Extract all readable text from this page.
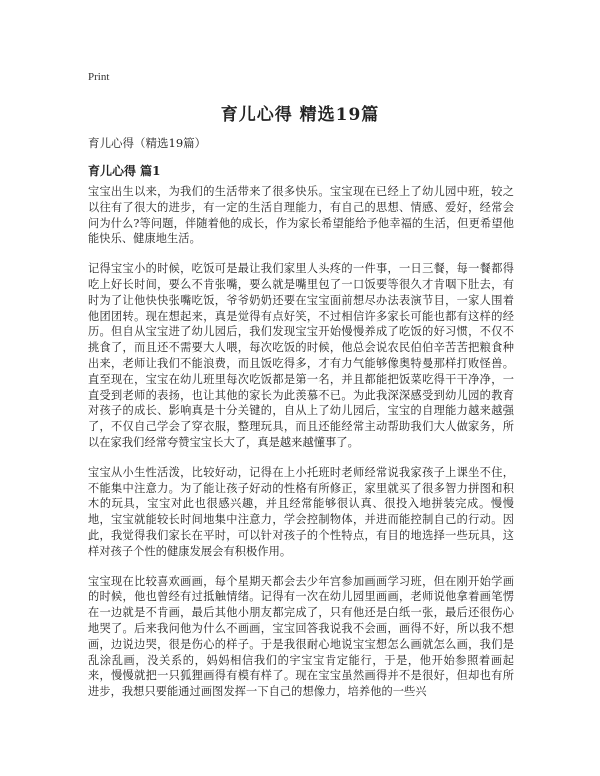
Print
育儿心得 精选19篇
育儿心得（精选19篇）
育儿心得 篇1

宝宝出生以来，为我们的生活带来了很多快乐。宝宝现在已经上了幼儿园中班，较之以往有了很大的进步，有一定的生活自理能力，有自己的思想、情感、爱好，经常会问为什么?等问题，伴随着他的成长，作为家长希望能给予他幸福的生活，但更希望他能快乐、健康地生活。

记得宝宝小的时候，吃饭可是最让我们家里人头疼的一件事，一日三餐，每一餐都得吃上好长时间，要么不肯张嘴，要么就是嘴里包了一口饭要等很久才肯咽下肚去，有时为了让他快快张嘴吃饭，爷爷奶奶还要在宝宝面前想尽办法表演节目，一家人围着他团团转。现在想起来，真是觉得有点好笑，不过相信许多家长可能也都有这样的经历。但自从宝宝进了幼儿园后，我们发现宝宝开始慢慢养成了吃饭的好习惯，不仅不挑食了，而且还不需要大人喂，每次吃饭的时候，他总会说农民伯伯辛苦苦把粮食种出来，老师让我们不能浪费，而且饭吃得多，才有力气能够像奥特曼那样打败怪兽。直至现在，宝宝在幼儿班里每次吃饭都是第一名，并且都能把饭菜吃得干干净净，一直受到老师的表扬，也让其他的家长为此羡慕不已。为此我深深感受到幼儿园的教育对孩子的成长、影响真是十分关键的，自从上了幼儿园后，宝宝的自理能力越来越强了，不仅自己学会了穿衣服，整理玩具，而且还能经常主动帮助我们大人做家务，所以在家我们经常夸赞宝宝长大了，真是越来越懂事了。

宝宝从小生性活泼，比较好动，记得在上小托班时老师经常说我家孩子上课坐不住，不能集中注意力。为了能让孩子好动的性格有所修正，家里就买了很多智力拼图和积木的玩具，宝宝对此也很感兴趣，并且经常能够很认真、很投入地拼装完成。慢慢地，宝宝就能较长时间地集中注意力，学会控制物体，并进而能控制自己的行动。因此，我觉得我们家长在平时，可以针对孩子的个性特点，有目的地选择一些玩具，这样对孩子个性的健康发展会有积极作用。

宝宝现在比较喜欢画画，每个星期天都会去少年宫参加画画学习班，但在刚开始学画的时候，他也曾经有过抵触情绪。记得有一次在幼儿园里画画，老师说他拿着画笔愣在一边就是不肯画，最后其他小朋友都完成了，只有他还是白纸一张，最后还很伤心地哭了。后来我问他为什么不画画，宝宝回答我说我不会画，画得不好，所以我不想画，边说边哭，很是伤心的样子。于是我很耐心地说宝宝想怎么画就怎么画，我们是乱涂乱画，没关系的，妈妈相信我们的宇宝宝肯定能行，于是，他开始参照着画起来，慢慢就把一只狐狸画得有模有样了。现在宝宝虽然画得并不是很好，但却也有所进步，我想只要能通过画图发挥一下自己的想像力，培养他的一些兴
